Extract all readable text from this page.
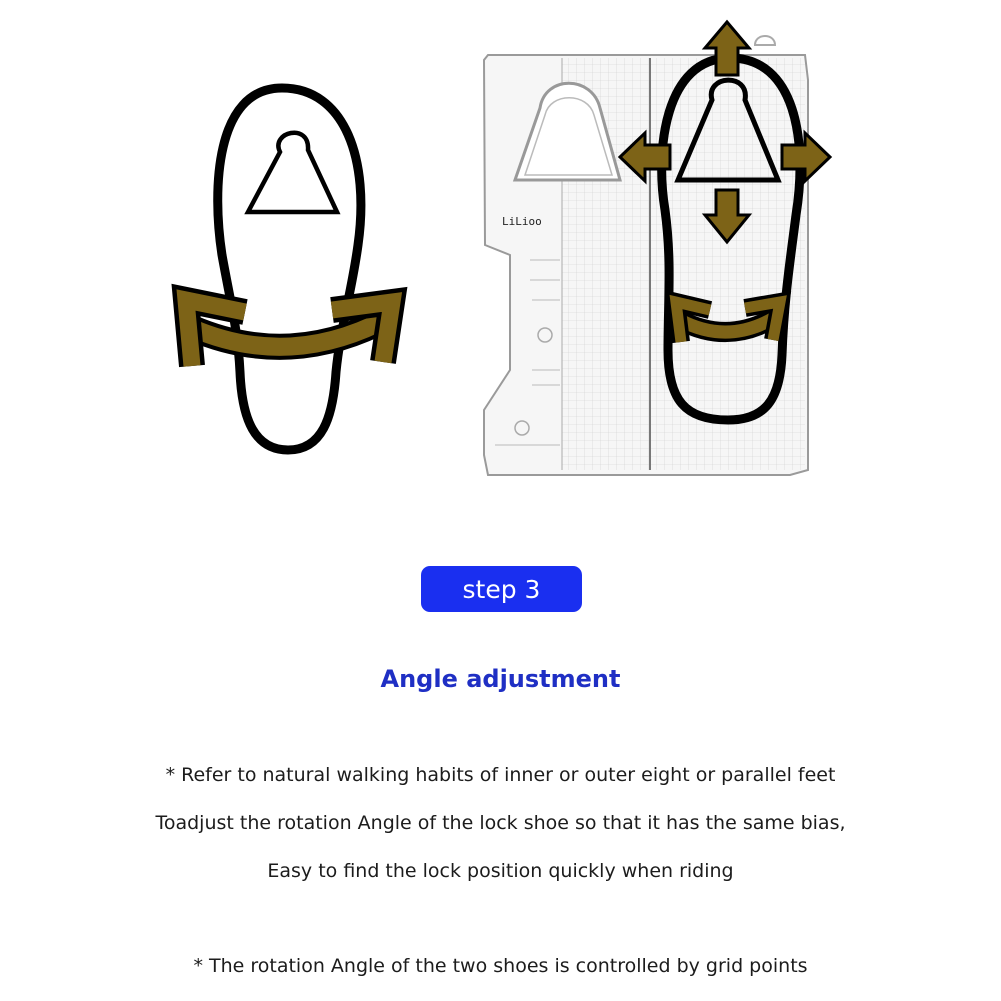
LiLioo
step 3
Angle adjustment
* Refer to natural walking habits of inner or outer eight or parallel feet
Toadjust the rotation Angle of the lock shoe so that it has the same bias,
Easy to find the lock position quickly when riding
* The rotation Angle of the two shoes is controlled by grid points
